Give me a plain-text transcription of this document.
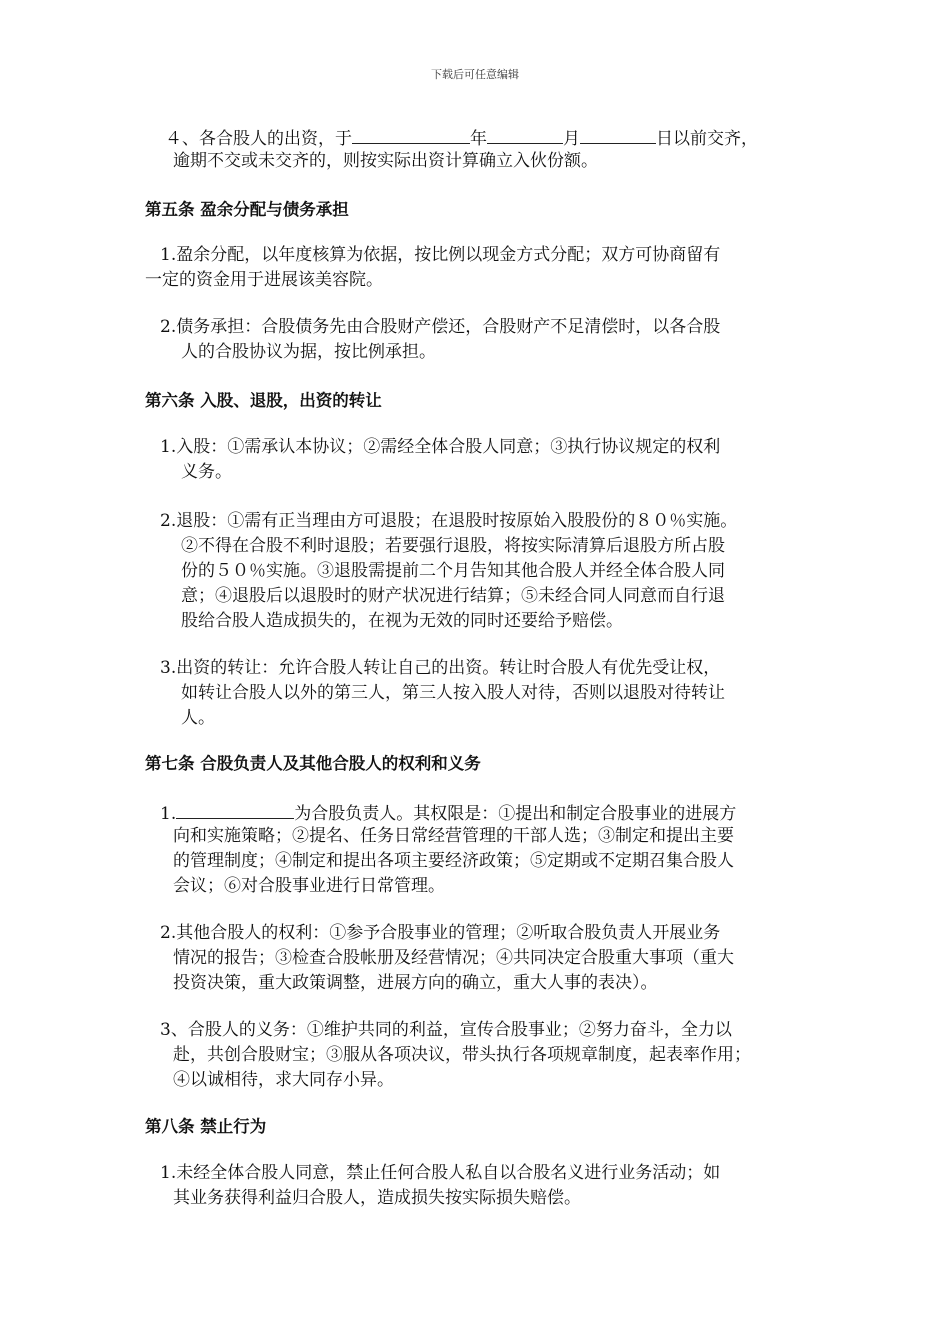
下载后可任意编辑
４、各合股人的出资，于	年	月	日以前交齐，
逾期不交或未交齐的，则按实际出资计算确立入伙份额。
第五条 盈余分配与债务承担
1.盈余分配，以年度核算为依据，按比例以现金方式分配；双方可协商留有
一定的资金用于进展该美容院。
2.债务承担：合股债务先由合股财产偿还，合股财产不足清偿时，以各合股
人的合股协议为据，按比例承担。
第六条 入股、退股，出资的转让
1.入股：①需承认本协议；②需经全体合股人同意；③执行协议规定的权利
义务。
2.退股：①需有正当理由方可退股；在退股时按原始入股股份的８０％实施。
②不得在合股不利时退股；若要强行退股，将按实际清算后退股方所占股
份的５０％实施。③退股需提前二个月告知其他合股人并经全体合股人同
意；④退股后以退股时的财产状况进行结算；⑤未经合同人同意而自行退
股给合股人造成损失的，在视为无效的同时还要给予赔偿。
3.出资的转让：允许合股人转让自己的出资。转让时合股人有优先受让权，
如转让合股人以外的第三人，第三人按入股人对待，否则以退股对待转让
人。
第七条 合股负责人及其他合股人的权利和义务
1.	为合股负责人。其权限是：①提出和制定合股事业的进展方
向和实施策略；②提名、任务日常经营管理的干部人选；③制定和提出主要
的管理制度；④制定和提出各项主要经济政策；⑤定期或不定期召集合股人
会议；⑥对合股事业进行日常管理。
2.其他合股人的权利：①参予合股事业的管理；②听取合股负责人开展业务
情况的报告；③检查合股帐册及经营情况；④共同决定合股重大事项（重大
投资决策，重大政策调整，进展方向的确立，重大人事的表决）。
3、合股人的义务：①维护共同的利益，宣传合股事业；②努力奋斗，全力以
赴，共创合股财宝；③服从各项决议，带头执行各项规章制度，起表率作用；
④以诚相待，求大同存小异。
第八条 禁止行为
1.未经全体合股人同意，禁止任何合股人私自以合股名义进行业务活动；如
其业务获得利益归合股人，造成损失按实际损失赔偿。
